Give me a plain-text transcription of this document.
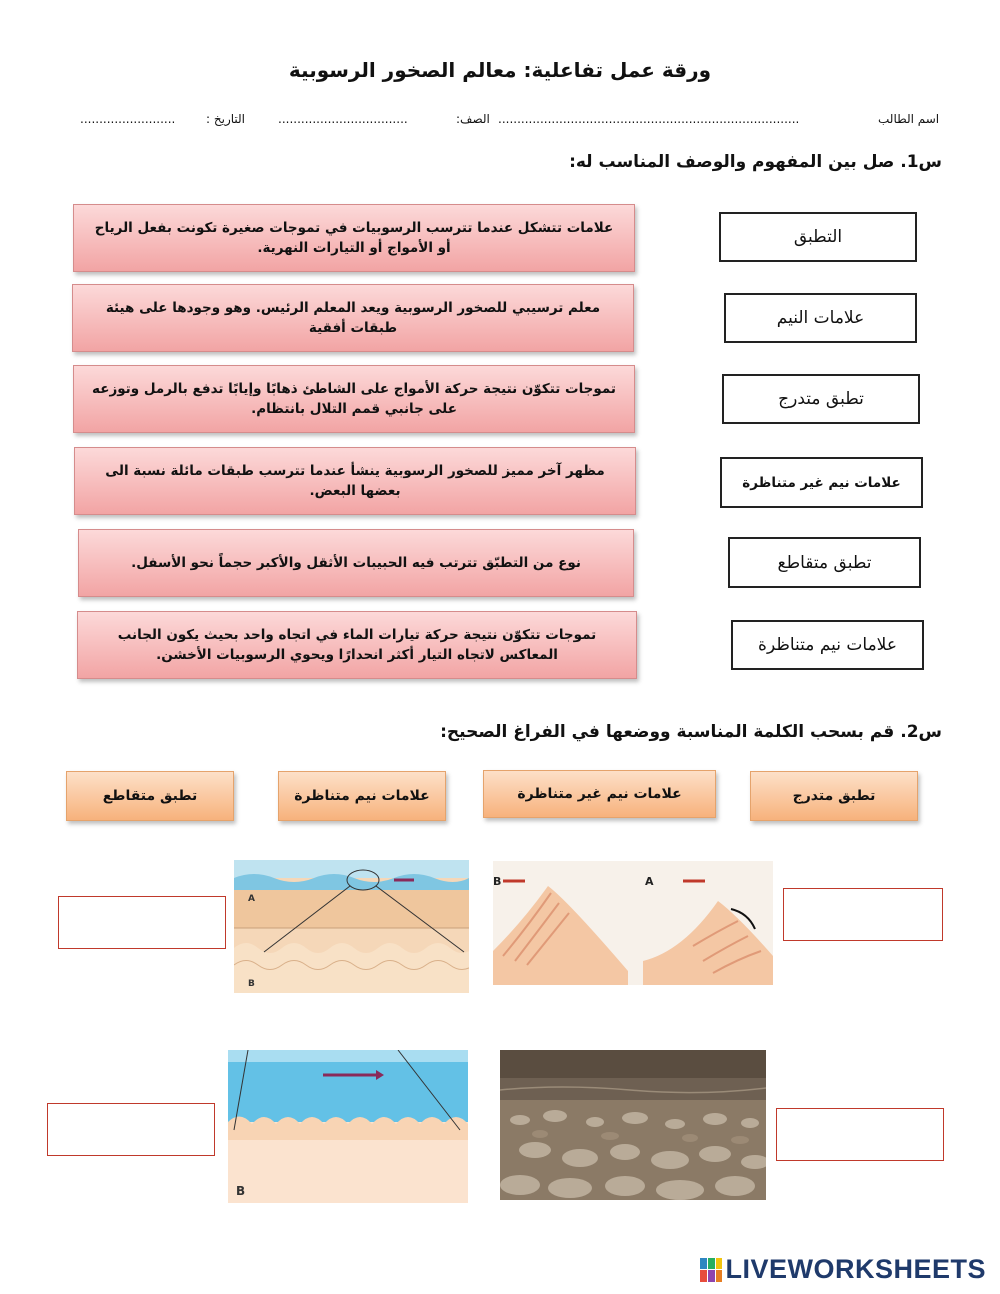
ورقة عمل تفاعلية: معالم الصخور الرسوبية
اسم الطالب
...............................................................................
الصف:
..................................
التاريخ :
.........................
س1. صل بين المفهوم والوصف المناسب له:
علامات تتشكل عندما تترسب الرسوبيات في تموجات صغيرة تكونت بفعل الرياح أو الأمواج أو التيارات النهرية.
معلم ترسيبي للصخور الرسوبية ويعد المعلم الرئيس. وهو وجودها على هيئة طبقات أفقية
تموجات تتكوّن نتيجة حركة الأمواج على الشاطئ ذهابًا وإيابًا تدفع بالرمل وتوزعه على جانبي قمم التلال بانتظام.
مظهر آخر مميز للصخور الرسوبية ينشأ عندما تترسب طبقات مائلة نسبة الى بعضها البعض.
نوع من التطبّق تترتب فيه الحبيبات الأثقل والأكبر حجماً نحو الأسفل.
تموجات تتكوّن نتيجة حركة تيارات الماء في اتجاه واحد بحيث يكون الجانب المعاكس لاتجاه التيار أكثر انحدارًا ويحوي الرسوبيات الأخشن.
التطبق
علامات النيم
تطبق متدرج
علامات نيم غير متناظرة
تطبق متقاطع
علامات نيم متناظرة
س2. قم بسحب الكلمة المناسبة ووضعها في الفراغ الصحيح:
تطبق متدرج
علامات نيم غير متناظرة
علامات نيم متناظرة
تطبق متقاطع
A
B
B	A
B
LIVEWORKSHEETS
